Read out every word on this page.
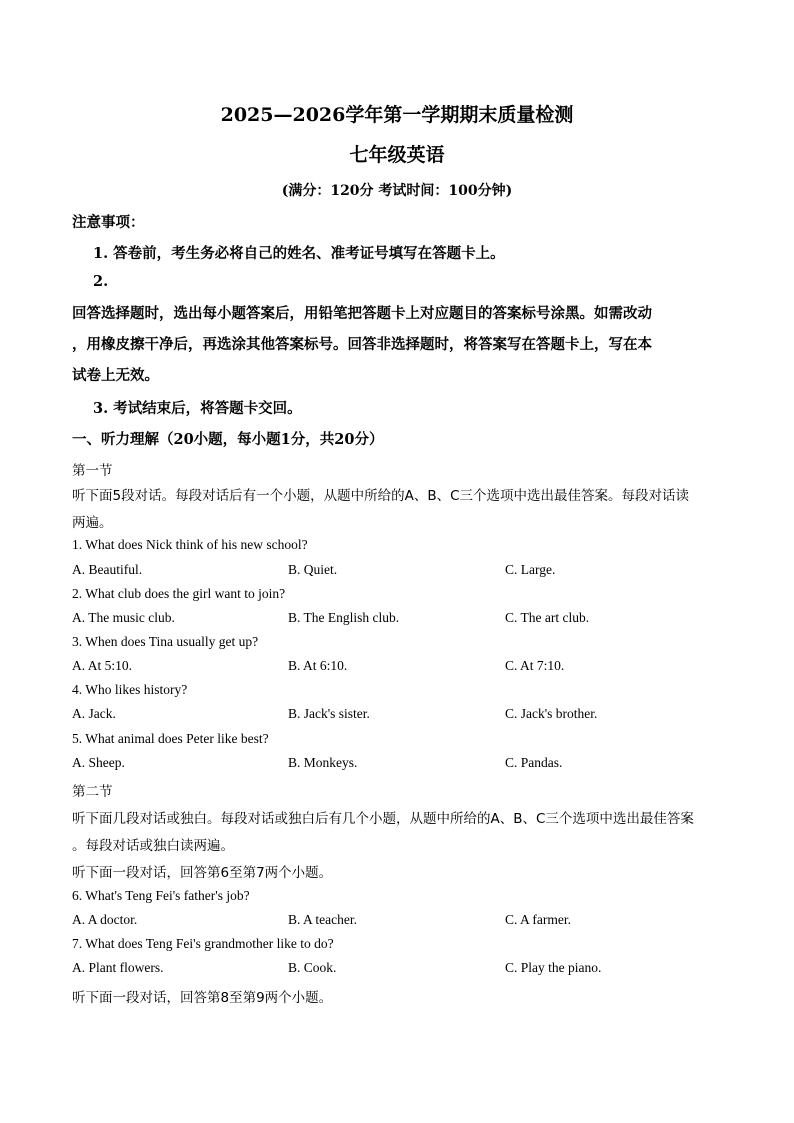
2025—2026学年第一学期期末质量检测
七年级英语
(满分：120分 考试时间：100分钟)
注意事项：
1. 答卷前，考生务必将自己的姓名、准考证号填写在答题卡上。
2.
回答选择题时，选出每小题答案后，用铅笔把答题卡上对应题目的答案标号涂黑。如需改动
，用橡皮擦干净后，再选涂其他答案标号。回答非选择题时，将答案写在答题卡上，写在本
试卷上无效。
3. 考试结束后，将答题卡交回。
一、听力理解（20小题，每小题1分，共20分）
第一节
听下面5段对话。每段对话后有一个小题，从题中所给的A、B、C三个选项中选出最佳答案。每段对话读
两遍。
1. What does Nick think of his new school?
A. Beautiful.	B. Quiet.	C. Large.
2. What club does the girl want to join?
A. The music club.	B. The English club.	C. The art club.
3. When does Tina usually get up?
A. At 5:10.	B. At 6:10.	C. At 7:10.
4. Who likes history?
A. Jack.	B. Jack's sister.	C. Jack's brother.
5. What animal does Peter like best?
A. Sheep.	B. Monkeys.	C. Pandas.
第二节
听下面几段对话或独白。每段对话或独白后有几个小题，从题中所给的A、B、C三个选项中选出最佳答案
。每段对话或独白读两遍。
听下面一段对话，回答第6至第7两个小题。
6. What's Teng Fei's father's job?
A. A doctor.	B. A teacher.	C. A farmer.
7. What does Teng Fei's grandmother like to do?
A. Plant flowers.	B. Cook.	C. Play the piano.
听下面一段对话，回答第8至第9两个小题。
